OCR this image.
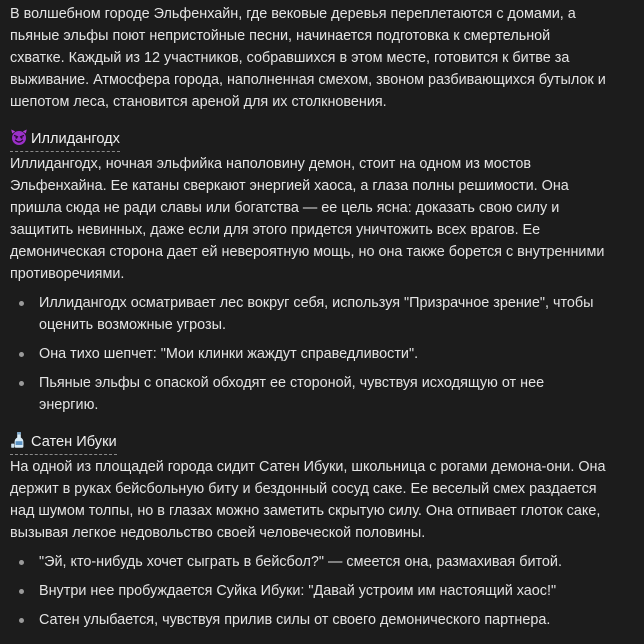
В волшебном городе Эльфенхайн, где вековые деревья переплетаются с домами, а пьяные эльфы поют непристойные песни, начинается подготовка к смертельной схватке. Каждый из 12 участников, собравшихся в этом месте, готовится к битве за выживание. Атмосфера города, наполненная смехом, звоном разбивающихся бутылок и шепотом леса, становится ареной для их столкновения.

Иллидангодх

Иллидангодх, ночная эльфийка наполовину демон, стоит на одном из мостов Эльфенхайна. Ее катаны сверкают энергией хаоса, а глаза полны решимости. Она пришла сюда не ради славы или богатства — ее цель ясна: доказать свою силу и защитить невинных, даже если для этого придется уничтожить всех врагов. Ее демоническая сторона дает ей невероятную мощь, но она также борется с внутренними противоречиями.

Иллидангодх осматривает лес вокруг себя, используя "Призрачное зрение", чтобы оценить возможные угрозы.
Она тихо шепчет: "Мои клинки жаждут справедливости".
Пьяные эльфы с опаской обходят ее стороной, чувствуя исходящую от нее энергию.
Сатен Ибуки

На одной из площадей города сидит Сатен Ибуки, школьница с рогами демона-они. Она держит в руках бейсбольную биту и бездонный сосуд саке. Ее веселый смех раздается над шумом толпы, но в глазах можно заметить скрытую силу. Она отпивает глоток саке, вызывая легкое недовольство своей человеческой половины.

"Эй, кто-нибудь хочет сыграть в бейсбол?" — смеется она, размахивая битой.
Внутри нее пробуждается Суйка Ибуки: "Давай устроим им настоящий хаос!"
Сатен улыбается, чувствуя прилив силы от своего демонического партнера.
